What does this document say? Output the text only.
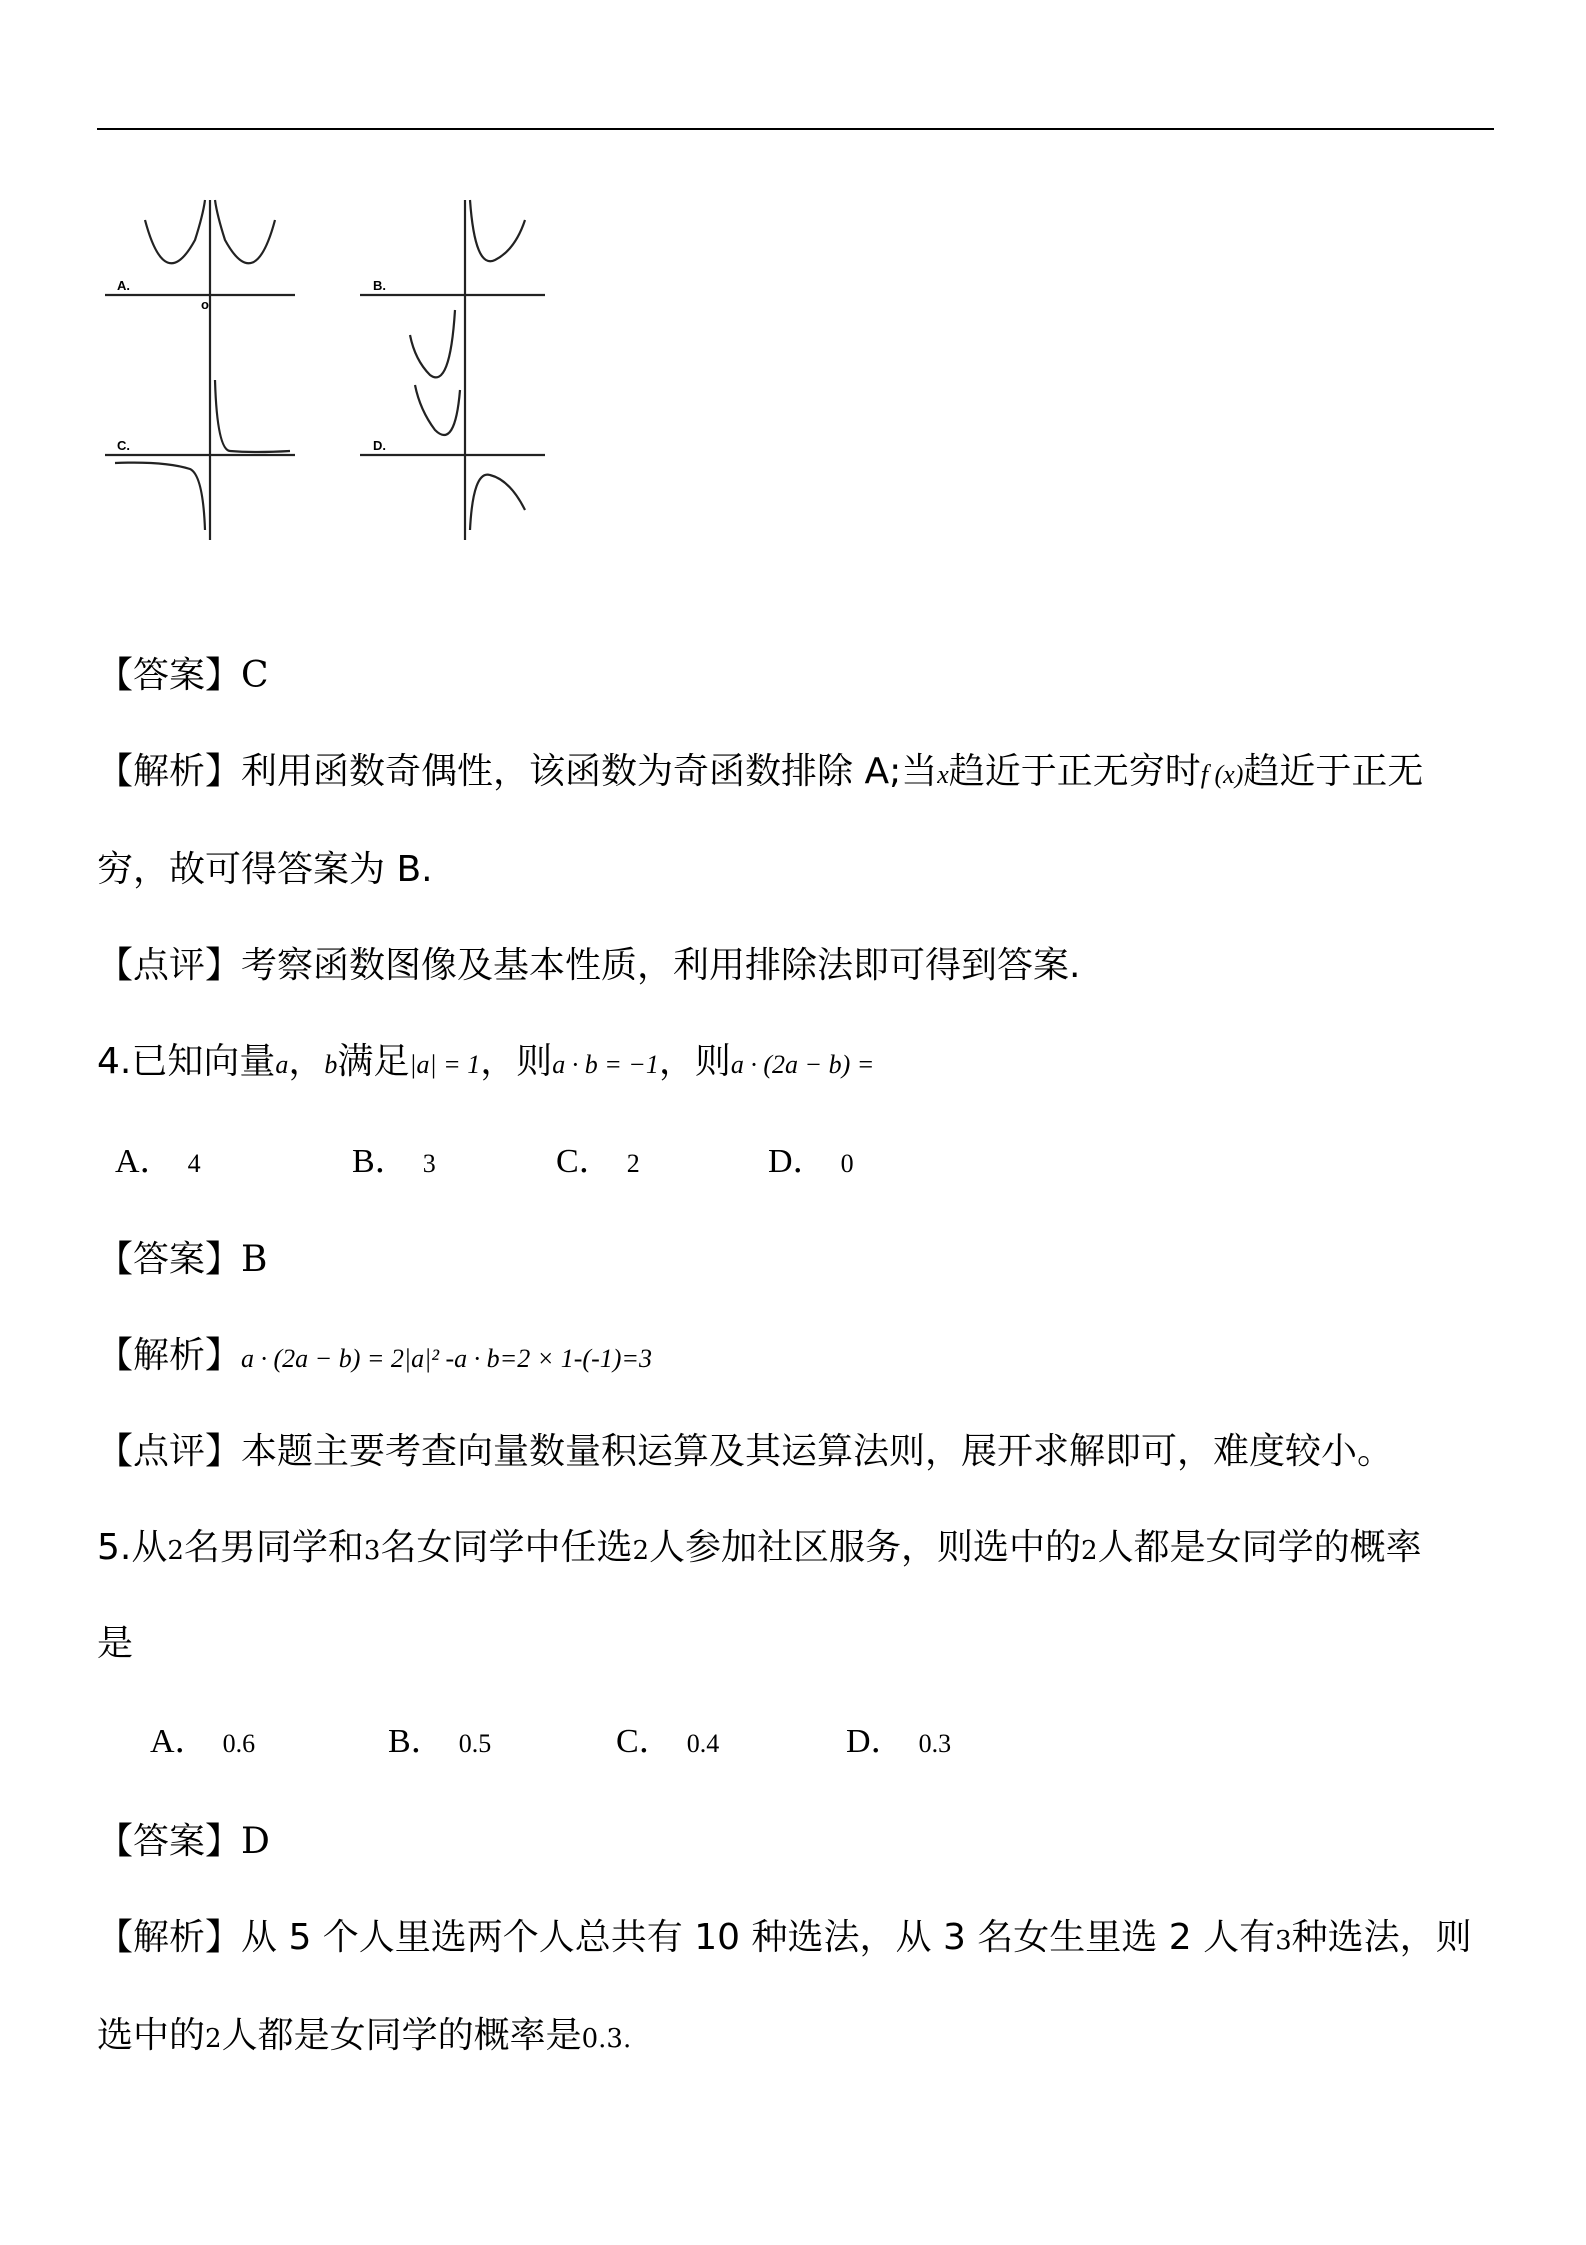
A.	B.
C.	D.
o
【答案】C
【解析】利用函数奇偶性，该函数为奇函数排除 A;当x趋近于正无穷时f (x)趋近于正无
穷，故可得答案为 B.
【点评】考察函数图像及基本性质，利用排除法即可得到答案.
4.已知向量a，b满足|a| = 1，则a · b = −1，则a · (2a − b) =
A． 4	B． 3	C． 2	D． 0
【答案】B
【解析】a · (2a − b) = 2|a|² -a · b=2 × 1-(-1)=3
【点评】本题主要考查向量数量积运算及其运算法则，展开求解即可，难度较小。
5.从2名男同学和3名女同学中任选2人参加社区服务，则选中的2人都是女同学的概率
是
A． 0.6	B． 0.5	C． 0.4	D． 0.3
【答案】D
【解析】从 5 个人里选两个人总共有 10 种选法，从 3 名女生里选 2 人有3种选法，则
选中的2人都是女同学的概率是0.3.
